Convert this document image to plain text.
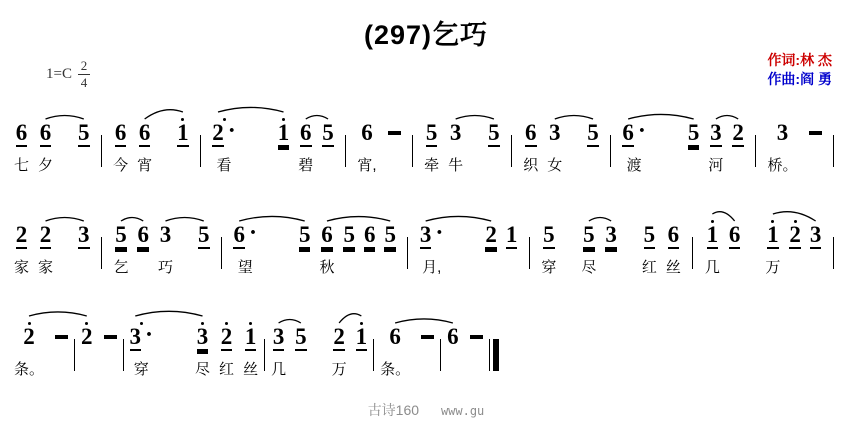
(297)乞巧
作词:林 杰
作曲:阎 勇
$1=C \frac{2}{4}$
6
七
6
夕
5 6
今
6
宵
1 2 ·
看
1 6
碧
5 6
宵,
5
牵
3
牛
5 6
织
3
女
5 6 ·
渡
5 3
河
2 3
桥。
2
家
2
家
3 5
乞
6 3
巧
5 6 ·
望
5 6
秋
5 6 5 3 ·
月,
2 1 5
穿
5
尽
3 5
红
6
丝
1
几
6 1
万
2 3
2
条。
2 3 ·
穿
3
尽
2
红
1
丝
3
几
5 2
万
1 6
条。
6
古诗160 www.gu
